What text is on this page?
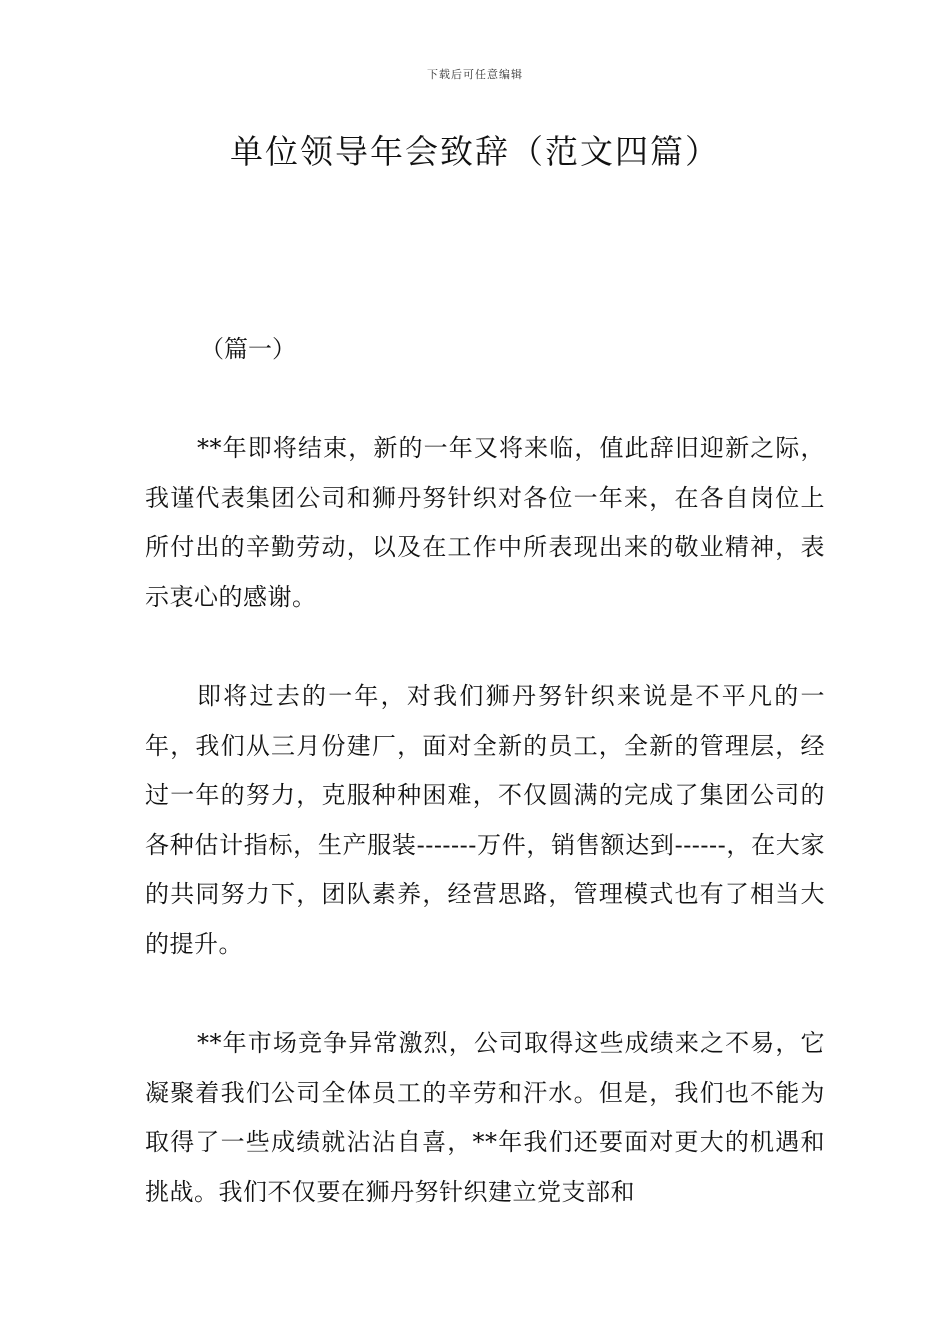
下载后可任意编辑
单位领导年会致辞（范文四篇）
（篇一）

**年即将结束，新的一年又将来临，值此辞旧迎新之际，我谨代表集团公司和狮丹努针织对各位一年来，在各自岗位上所付出的辛勤劳动，以及在工作中所表现出来的敬业精神，表示衷心的感谢。

即将过去的一年，对我们狮丹努针织来说是不平凡的一年，我们从三月份建厂，面对全新的员工，全新的管理层，经过一年的努力，克服种种困难，不仅圆满的完成了集团公司的各种估计指标，生产服装-------万件，销售额达到------，在大家的共同努力下，团队素养，经营思路，管理模式也有了相当大的提升。

**年市场竞争异常激烈，公司取得这些成绩来之不易，它凝聚着我们公司全体员工的辛劳和汗水。但是，我们也不能为取得了一些成绩就沾沾自喜，**年我们还要面对更大的机遇和挑战。我们不仅要在狮丹努针织建立党支部和
